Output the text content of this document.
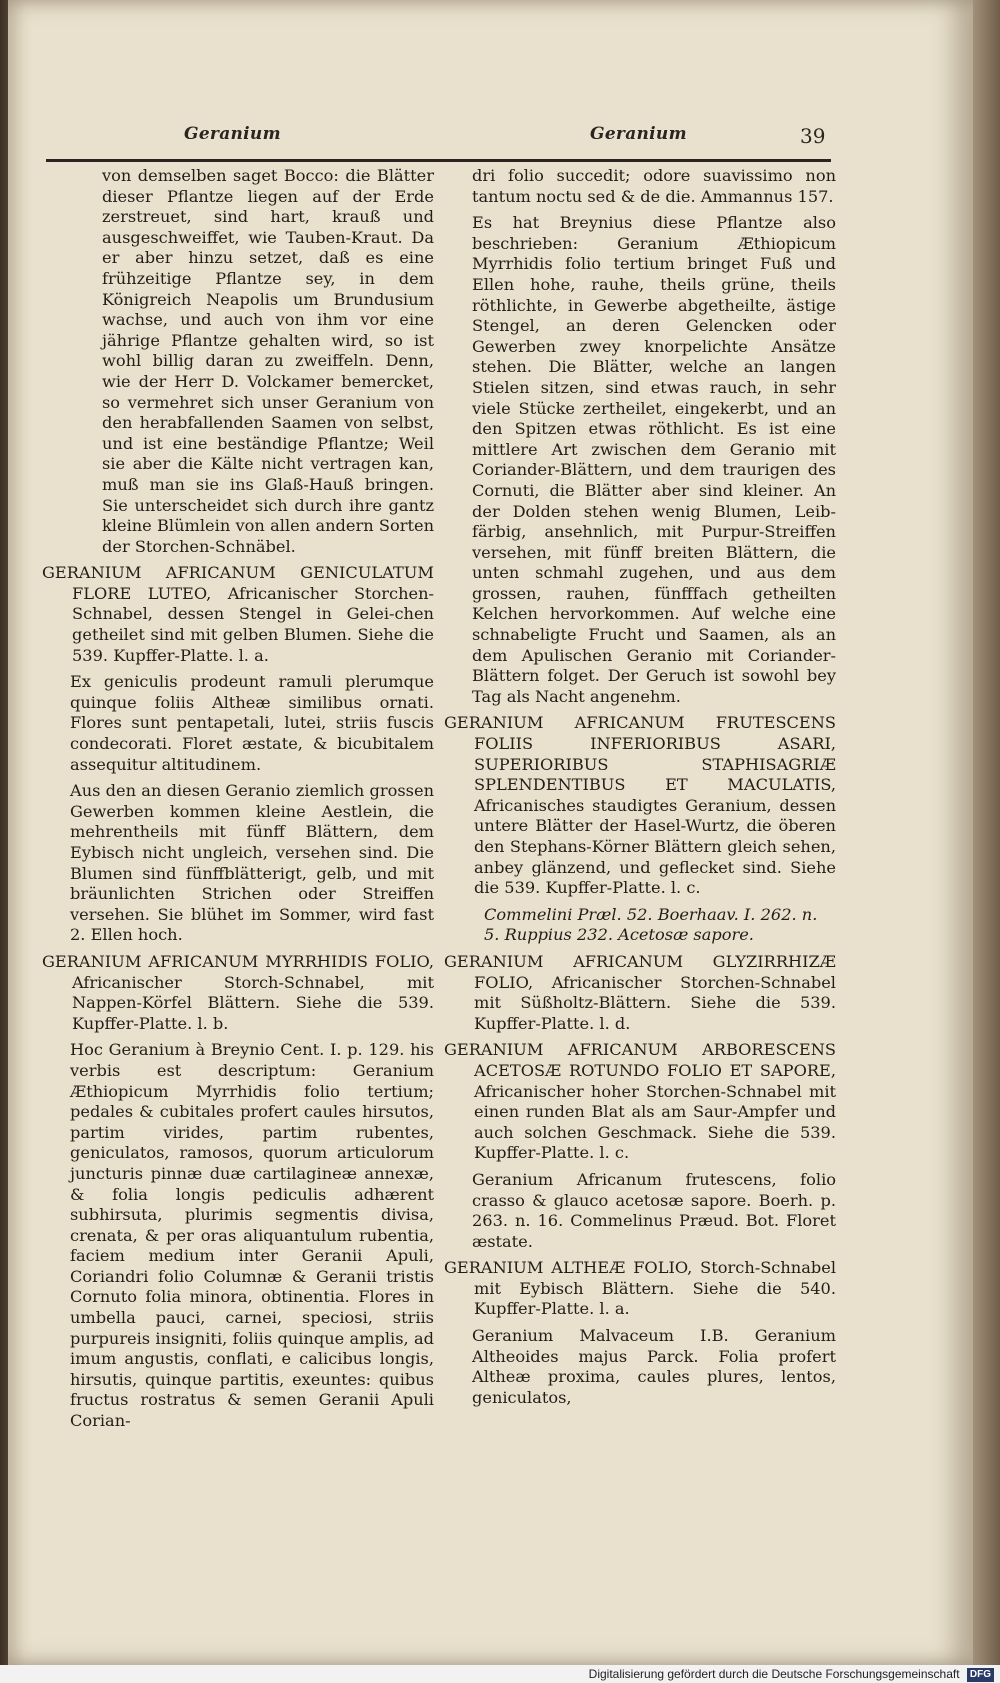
Geranium	Geranium	39

von demselben saget Bocco: die Blätter dieser Pflantze liegen auf der Erde zerstreuet, sind hart, krauß und ausgeschweiffet, wie Tauben-Kraut. Da er aber hinzu setzet, daß es eine frühzeitige Pflantze sey, in dem Königreich Neapolis um Brundusium wachse, und auch von ihm vor eine jährige Pflantze gehalten wird, so ist wohl billig daran zu zweiffeln. Denn, wie der Herr D. Volckamer bemercket, so vermehret sich unser Geranium von den herabfallenden Saamen von selbst, und ist eine beständige Pflantze; Weil sie aber die Kälte nicht vertragen kan, muß man sie ins Glaß-Hauß bringen. Sie unterscheidet sich durch ihre gantz kleine Blümlein von allen andern Sorten der Storchen-Schnäbel.

GERANIUM AFRICANUM GENICULATUM FLORE LUTEO, Africanischer Storchen-Schnabel, dessen Stengel in Gelei-chen getheilet sind mit gelben Blumen. Siehe die 539. Kupffer-Platte. l. a.

Ex geniculis prodeunt ramuli plerumque quinque foliis Altheæ similibus ornati. Flores sunt pentapetali, lutei, striis fuscis condecorati. Floret æstate, & bicubitalem assequitur altitudinem.

Aus den an diesen Geranio ziemlich grossen Gewerben kommen kleine Aestlein, die mehrentheils mit fünff Blättern, dem Eybisch nicht ungleich, versehen sind. Die Blumen sind fünffblätterigt, gelb, und mit bräunlichten Strichen oder Streiffen versehen. Sie blühet im Sommer, wird fast 2. Ellen hoch.

GERANIUM AFRICANUM MYRRHIDIS FOLIO, Africanischer Storch-Schnabel, mit Nappen-Körfel Blättern. Siehe die 539. Kupffer-Platte. l. b.

Hoc Geranium à Breynio Cent. I. p. 129. his verbis est descriptum: Geranium Æthiopicum Myrrhidis folio tertium; pedales & cubitales profert caules hirsutos, partim virides, partim rubentes, geniculatos, ramosos, quorum articulorum juncturis pinnæ duæ cartilagineæ annexæ, & folia longis pediculis adhærent subhirsuta, plurimis segmentis divisa, crenata, & per oras aliquantulum rubentia, faciem medium inter Geranii Apuli, Coriandri folio Columnæ & Geranii tristis Cornuto folia minora, obtinentia. Flores in umbella pauci, carnei, speciosi, striis purpureis insigniti, foliis quinque amplis, ad imum angustis, conflati, e calicibus longis, hirsutis, quinque partitis, exeuntes: quibus fructus rostratus & semen Geranii Apuli Corian-

dri folio succedit; odore suavissimo non tantum noctu sed & de die. Ammannus 157.

Es hat Breynius diese Pflantze also beschrieben: Geranium Æthiopicum Myrrhidis folio tertium bringet Fuß und Ellen hohe, rauhe, theils grüne, theils röthlichte, in Gewerbe abgetheilte, ästige Stengel, an deren Gelencken oder Gewerben zwey knorpelichte Ansätze stehen. Die Blätter, welche an langen Stielen sitzen, sind etwas rauch, in sehr viele Stücke zertheilet, eingekerbt, und an den Spitzen etwas röthlicht. Es ist eine mittlere Art zwischen dem Geranio mit Coriander-Blättern, und dem traurigen des Cornuti, die Blätter aber sind kleiner. An der Dolden stehen wenig Blumen, Leib-färbig, ansehnlich, mit Purpur-Streiffen versehen, mit fünff breiten Blättern, die unten schmahl zugehen, und aus dem grossen, rauhen, fünfffach getheilten Kelchen hervorkommen. Auf welche eine schnabeligte Frucht und Saamen, als an dem Apulischen Geranio mit Coriander-Blättern folget. Der Geruch ist sowohl bey Tag als Nacht angenehm.

GERANIUM AFRICANUM FRUTESCENS FOLIIS INFERIORIBUS ASARI, SUPERIORIBUS STAPHISAGRIÆ SPLENDENTIBUS ET MACULATIS, Africanisches staudigtes Geranium, dessen untere Blätter der Hasel-Wurtz, die öberen den Stephans-Körner Blättern gleich sehen, anbey glänzend, und geflecket sind. Siehe die 539. Kupffer-Platte. l. c.

Commelini Præl. 52. Boerhaav. I. 262. n. 5. Ruppius 232. Acetosæ sapore.

GERANIUM AFRICANUM GLYZIRRHIZÆ FOLIO, Africanischer Storchen-Schnabel mit Süßholtz-Blättern. Siehe die 539. Kupffer-Platte. l. d.

GERANIUM AFRICANUM ARBORESCENS ACETOSÆ ROTUNDO FOLIO ET SAPORE, Africanischer hoher Storchen-Schnabel mit einen runden Blat als am Saur-Ampfer und auch solchen Geschmack. Siehe die 539. Kupffer-Platte. l. c.

Geranium Africanum frutescens, folio crasso & glauco acetosæ sapore. Boerh. p. 263. n. 16. Commelinus Præud. Bot. Floret æstate.

GERANIUM ALTHEÆ FOLIO, Storch-Schnabel mit Eybisch Blättern. Siehe die 540. Kupffer-Platte. l. a.

Geranium Malvaceum I.B. Geranium Altheoides majus Parck. Folia profert Altheæ proxima, caules plures, lentos, geniculatos,

Digitalisierung gefördert durch die Deutsche Forschungsgemeinschaft DFG
